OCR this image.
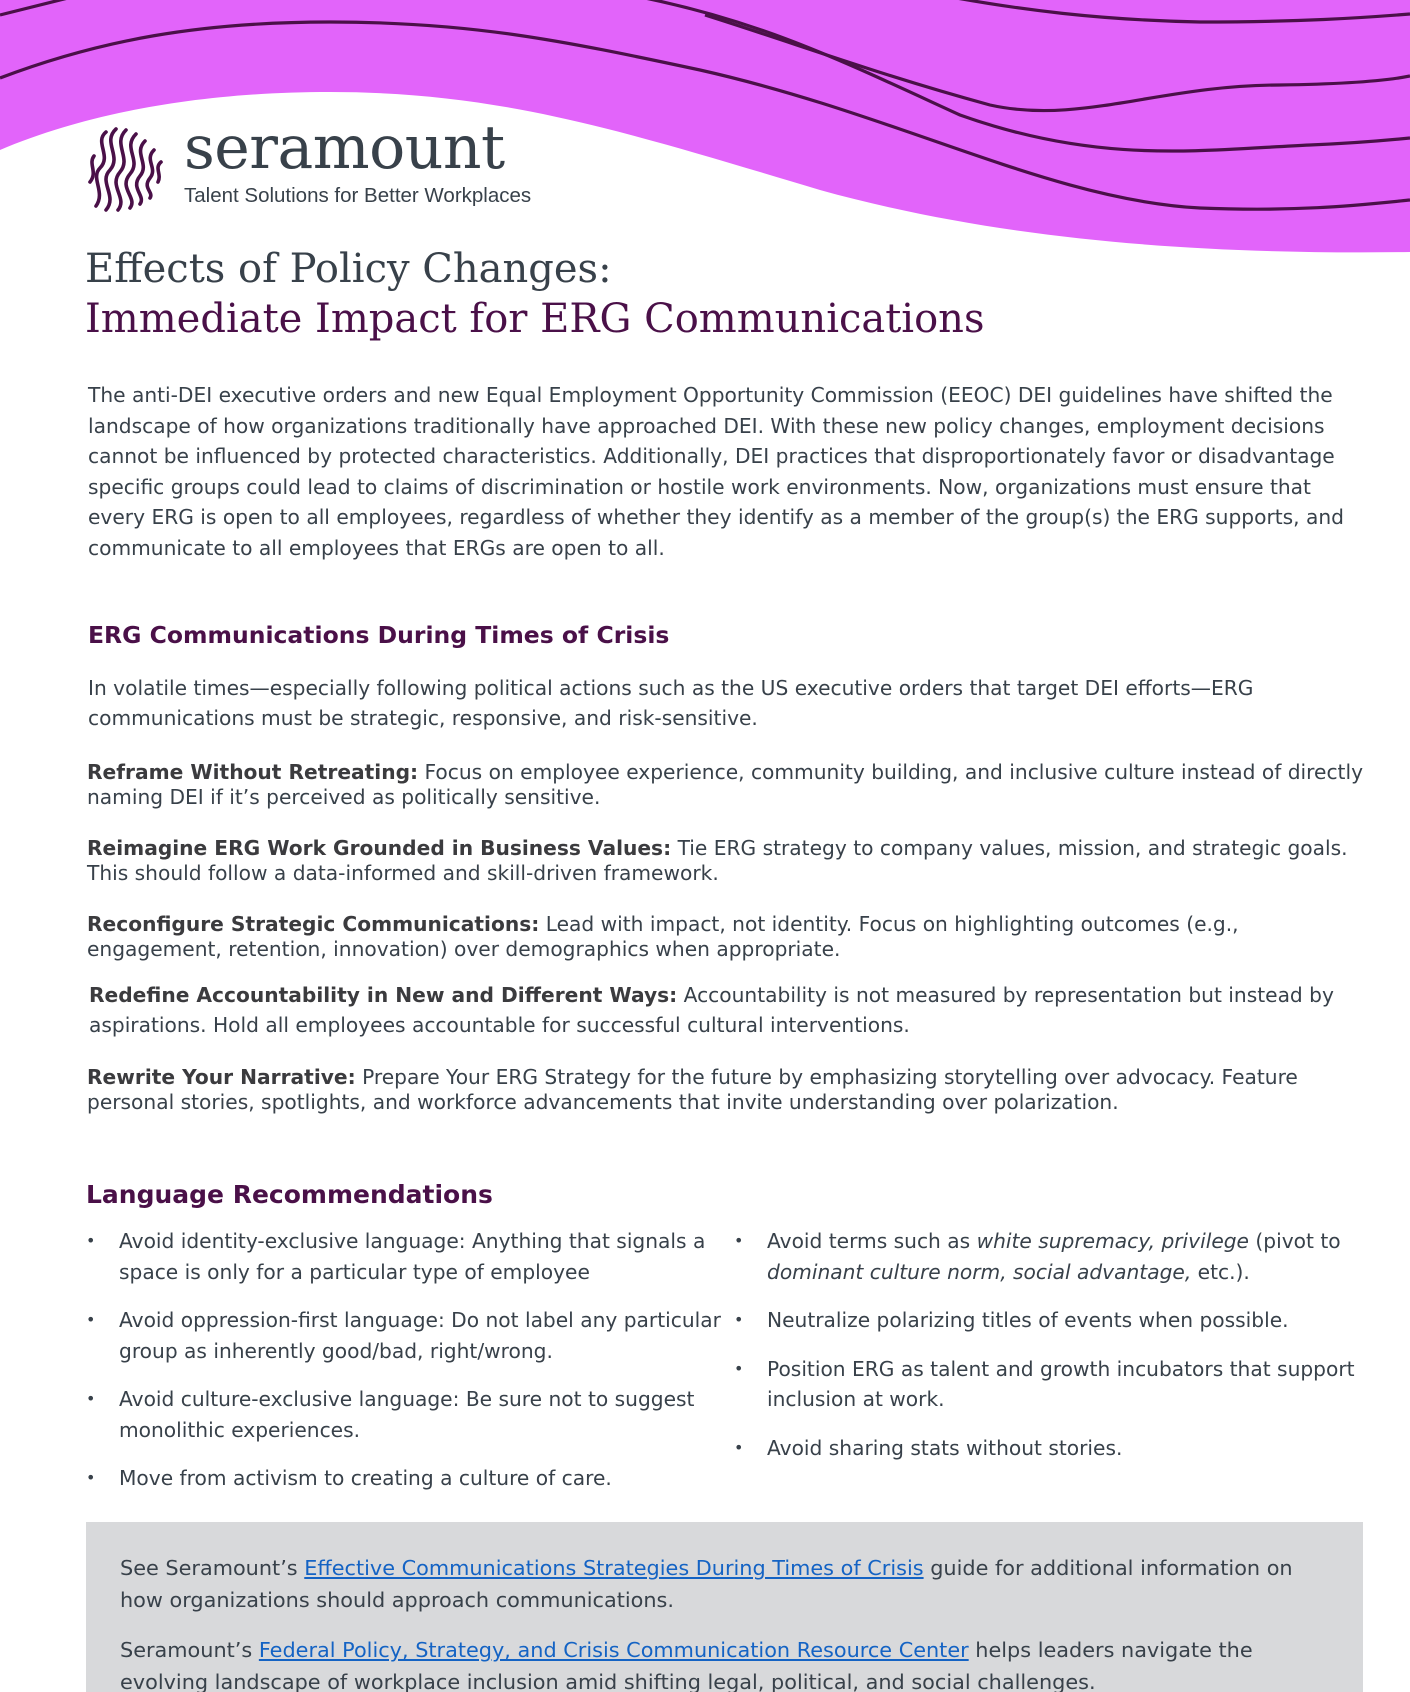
seramount
Talent Solutions for Better Workplaces
Effects of Policy Changes:
Immediate Impact for ERG Communications

The anti-DEI executive orders and new Equal Employment Opportunity Commission (EEOC) DEI guidelines have shifted the landscape of how organizations traditionally have approached DEI. With these new policy changes, employment decisions cannot be influenced by protected characteristics. Additionally, DEI practices that disproportionately favor or disadvantage specific groups could lead to claims of discrimination or hostile work environments. Now, organizations must ensure that every ERG is open to all employees, regardless of whether they identify as a member of the group(s) the ERG supports, and communicate to all employees that ERGs are open to all.

ERG Communications During Times of Crisis

In volatile times—especially following political actions such as the US executive orders that target DEI efforts—ERG communications must be strategic, responsive, and risk-sensitive.

Reframe Without Retreating: Focus on employee experience, community building, and inclusive culture instead of directly naming DEI if it’s perceived as politically sensitive.

Reimagine ERG Work Grounded in Business Values: Tie ERG strategy to company values, mission, and strategic goals. This should follow a data-informed and skill-driven framework.

Reconfigure Strategic Communications: Lead with impact, not identity. Focus on highlighting outcomes (e.g., engagement, retention, innovation) over demographics when appropriate.

Redefine Accountability in New and Different Ways: Accountability is not measured by representation but instead by aspirations. Hold all employees accountable for successful cultural interventions.

Rewrite Your Narrative: Prepare Your ERG Strategy for the future by emphasizing storytelling over advocacy. Feature personal stories, spotlights, and workforce advancements that invite understanding over polarization.

Language Recommendations
• Avoid identity-exclusive language: Anything that signals a space is only for a particular type of employee
• Avoid oppression-first language: Do not label any particular group as inherently good/bad, right/wrong.
• Avoid culture-exclusive language: Be sure not to suggest monolithic experiences.
• Move from activism to creating a culture of care.
• Avoid terms such as white supremacy, privilege (pivot to dominant culture norm, social advantage, etc.).
• Neutralize polarizing titles of events when possible.
• Position ERG as talent and growth incubators that support inclusion at work.
• Avoid sharing stats without stories.

See Seramount’s Effective Communications Strategies During Times of Crisis guide for additional information on how organizations should approach communications.

Seramount’s Federal Policy, Strategy, and Crisis Communication Resource Center helps leaders navigate the evolving landscape of workplace inclusion amid shifting legal, political, and social challenges.
